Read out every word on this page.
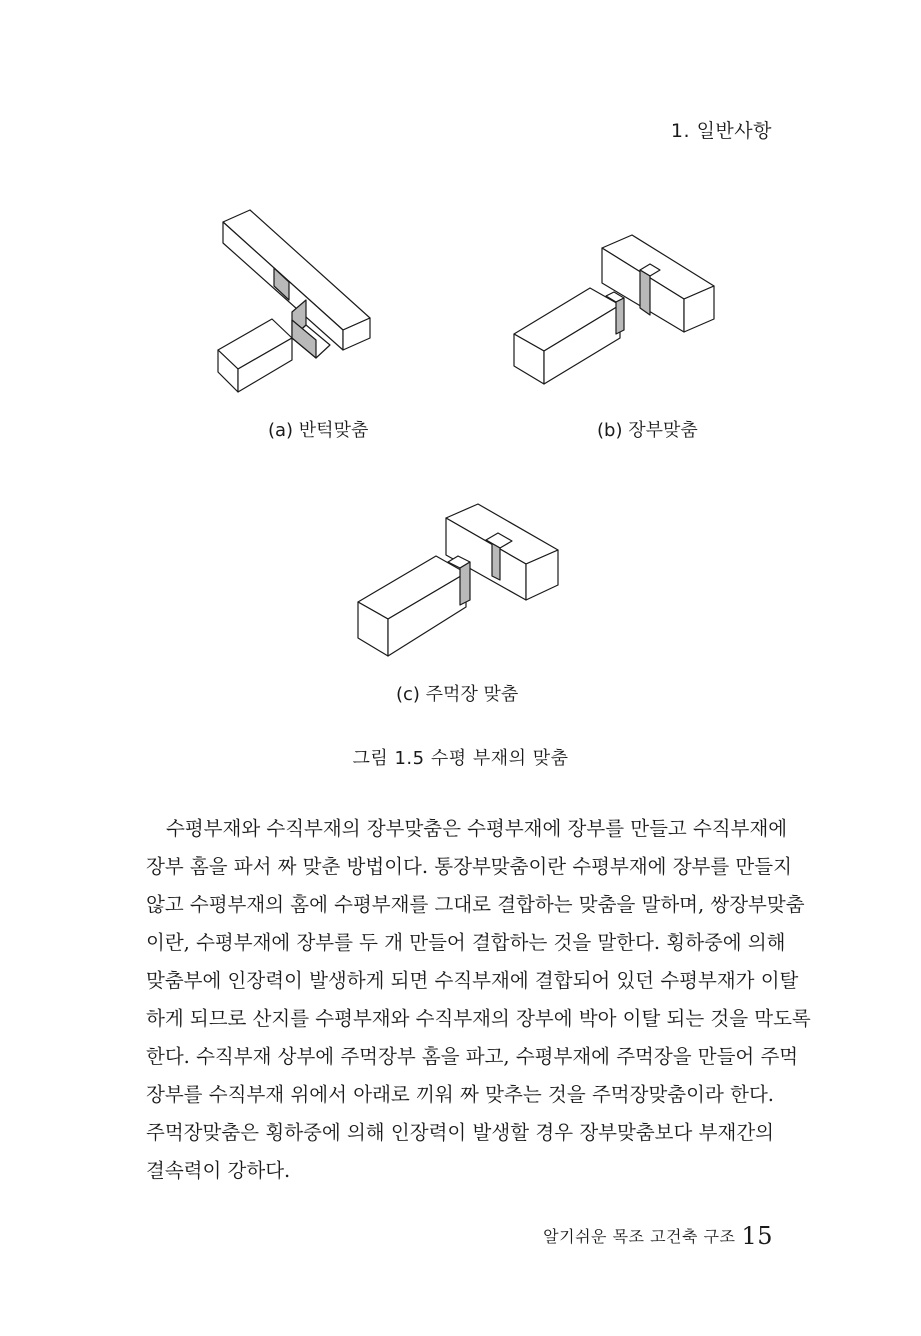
1. 일반사항
(a) 반턱맞춤	(b) 장부맞춤
(c) 주먹장 맞춤
그림 1.5 수평 부재의 맞춤
수평부재와 수직부재의 장부맞춤은 수평부재에 장부를 만들고 수직부재에
장부 홈을 파서 짜 맞춘 방법이다. 통장부맞춤이란 수평부재에 장부를 만들지
않고 수평부재의 홈에 수평부재를 그대로 결합하는 맞춤을 말하며, 쌍장부맞춤
이란, 수평부재에 장부를 두 개 만들어 결합하는 것을 말한다. 횡하중에 의해
맞춤부에 인장력이 발생하게 되면 수직부재에 결합되어 있던 수평부재가 이탈
하게 되므로 산지를 수평부재와 수직부재의 장부에 박아 이탈 되는 것을 막도록
한다. 수직부재 상부에 주먹장부 홈을 파고, 수평부재에 주먹장을 만들어 주먹
장부를 수직부재 위에서 아래로 끼워 짜 맞추는 것을 주먹장맞춤이라 한다.
주먹장맞춤은 횡하중에 의해 인장력이 발생할 경우 장부맞춤보다 부재간의
결속력이 강하다.
알기쉬운 목조 고건축 구조 15
